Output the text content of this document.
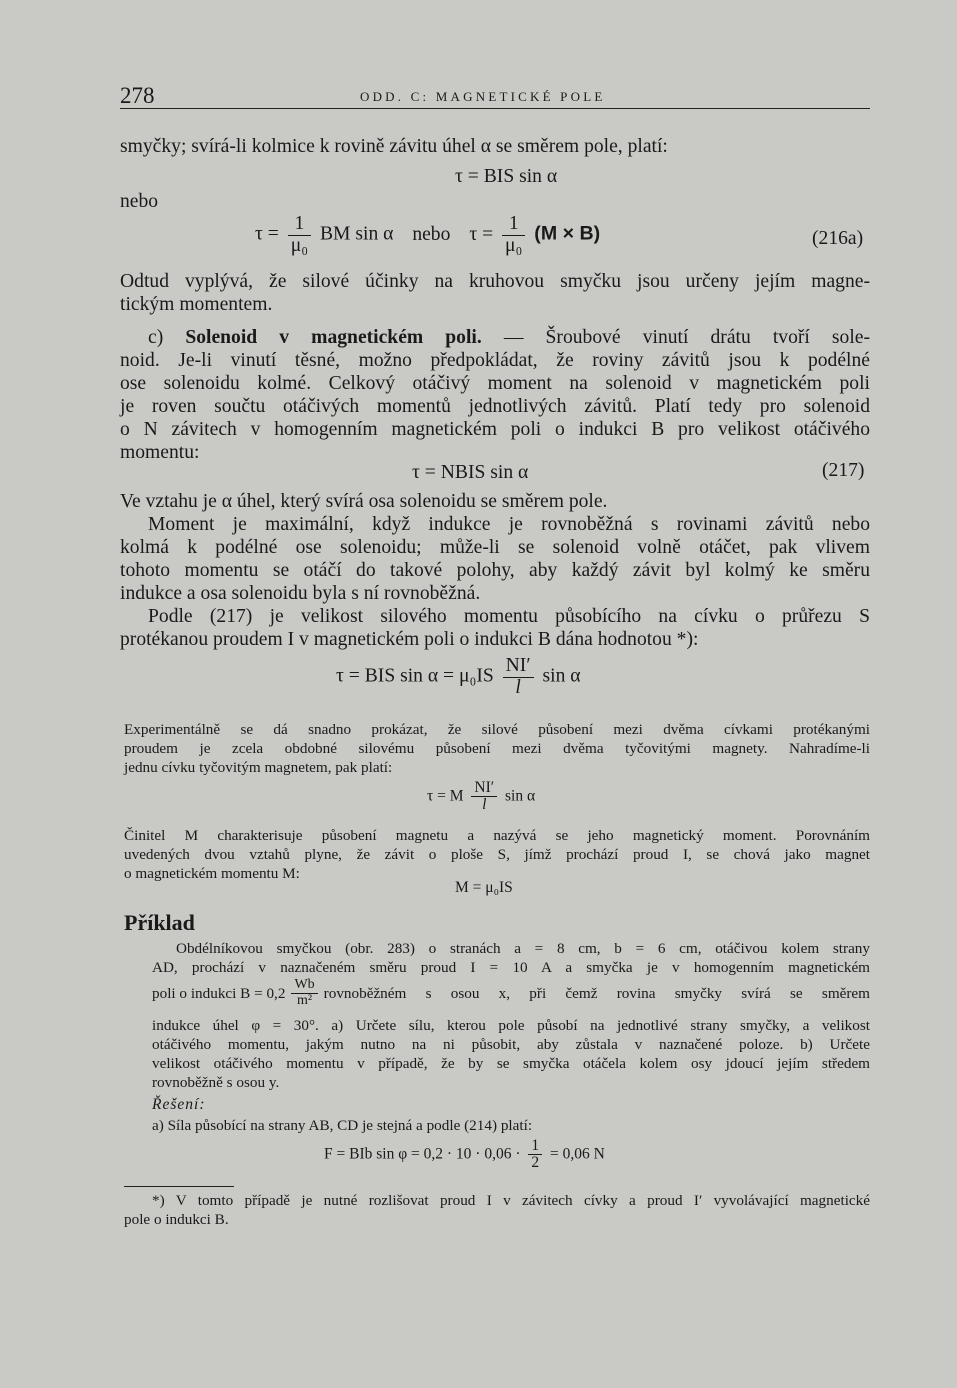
278	ODD. C: MAGNETICKÉ POLE
smyčky; svírá-li kolmice k rovině závitu úhel α se směrem pole, platí:
τ = BIS sin α
nebo
$\tau = \frac{1}{\text{μ₀}}$ BM sin α nebo $\tau = \frac{1}{\text{μ₀}} (M \times B)$	(216a)
Odtud vyplývá, že silové účinky na kruhovou smyčku jsou určeny jejím magne-
tickým momentem.
c) Solenoid v magnetickém poli. — Šroubové vinutí drátu tvoří sole-
noid. Je-li vinutí těsné, možno předpokládat, že roviny závitů jsou k podélné
ose solenoidu kolmé. Celkový otáčivý moment na solenoid v magnetickém poli
je roven součtu otáčivých momentů jednotlivých závitů. Platí tedy pro solenoid
o N závitech v homogenním magnetickém poli o indukci B pro velikost otáčivého
momentu:
τ = NBIS sin α	(217)
Ve vztahu je α úhel, který svírá osa solenoidu se směrem pole.
Moment je maximální, když indukce je rovnoběžná s rovinami závitů nebo
kolmá k podélné ose solenoidu; může-li se solenoid volně otáčet, pak vlivem
tohoto momentu se otáčí do takové polohy, aby každý závit byl kolmý ke směru
indukce a osa solenoidu byla s ní rovnoběžná.
Podle (217) je velikost silového momentu působícího na cívku o průřezu S
protékanou proudem I v magnetickém poli o indukci B dána hodnotou *):
τ = BIS $\sin \alpha = \mu_0IS \frac{NI'}{l}$ sin α
Experimentálně se dá snadno prokázat, že silové působení mezi dvěma cívkami protékanými
proudem je zcela obdobné silovému působení mezi dvěma tyčovitými magnety. Nahradíme-li
jednu cívku tyčovitým magnetem, pak platí:
τ = M $\frac{NI'}{l}$ sin α
Činitel M charakterisuje působení magnetu a nazývá se jeho magnetický moment. Porovnáním
uvedených dvou vztahů plyne, že závit o ploše S, jímž prochází proud I, se chová jako magnet
o magnetickém momentu M:
M = μ₀IS
Příklad
Obdélníkovou smyčkou (obr. 283) o stranách a = 8 cm, b = 6 cm, otáčivou kolem strany
AD, prochází v naznačeném směru proud I = 10 A a smyčka je v homogenním magnetickém
poli o indukci $B = 0,2 \frac{Wb}{\text{m²}}$ rovnoběžném s osou x, při čemž rovina smyčky svírá se směrem
indukce úhel φ = 30°. a) Určete sílu, kterou pole působí na jednotlivé strany smyčky, a velikost
otáčivého momentu, jakým nutno na ni působit, aby zůstala v naznačené poloze. b) Určete
velikost otáčivého momentu v případě, že by se smyčka otáčela kolem osy jdoucí jejím středem
rovnoběžně s osou y.
Řešení:
a) Síla působící na strany AB, CD je stejná a podle (214) platí:
F = BIb $\sin \varphi = 0,2 \cdot 10 \cdot 0,06 \cdot \frac{1}{2} = 0,06$ N
*) V tomto případě je nutné rozlišovat proud I v závitech cívky a proud I′ vyvolávající magnetické
pole o indukci B.
